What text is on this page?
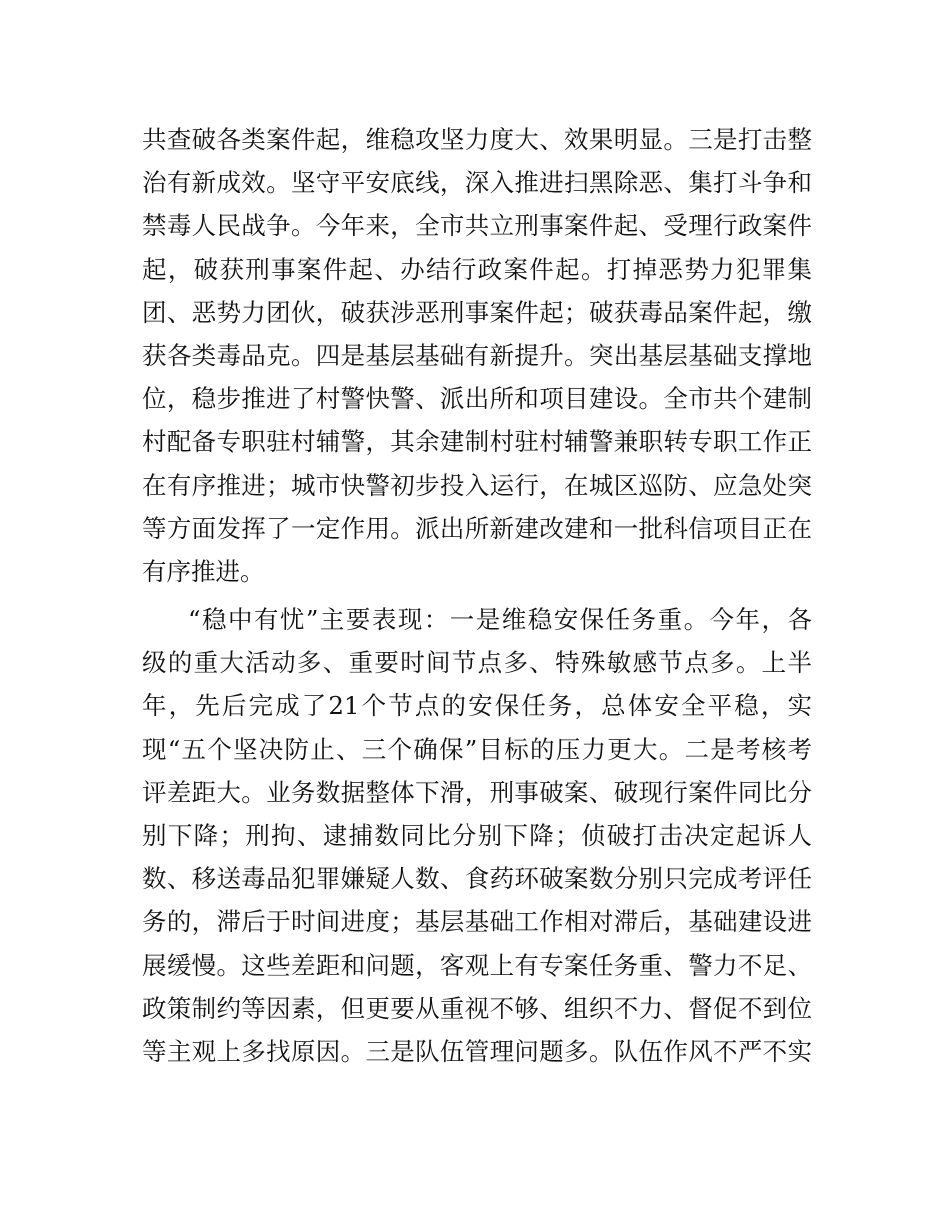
共查破各类案件起，维稳攻坚力度大、效果明显。三是打击整
治有新成效。坚守平安底线，深入推进扫黑除恶、集打斗争和
禁毒人民战争。今年来，全市共立刑事案件起、受理行政案件
起，破获刑事案件起、办结行政案件起。打掉恶势力犯罪集
团、恶势力团伙，破获涉恶刑事案件起；破获毒品案件起，缴
获各类毒品克。四是基层基础有新提升。突出基层基础支撑地
位，稳步推进了村警快警、派出所和项目建设。全市共个建制
村配备专职驻村辅警，其余建制村驻村辅警兼职转专职工作正
在有序推进；城市快警初步投入运行，在城区巡防、应急处突
等方面发挥了一定作用。派出所新建改建和一批科信项目正在
有序推进。
“稳中有忧”主要表现：一是维稳安保任务重。今年，各
级的重大活动多、重要时间节点多、特殊敏感节点多。上半
年，先后完成了21个节点的安保任务，总体安全平稳，实
现“五个坚决防止、三个确保”目标的压力更大。二是考核考
评差距大。业务数据整体下滑，刑事破案、破现行案件同比分
别下降；刑拘、逮捕数同比分别下降；侦破打击决定起诉人
数、移送毒品犯罪嫌疑人数、食药环破案数分别只完成考评任
务的，滞后于时间进度；基层基础工作相对滞后，基础建设进
展缓慢。这些差距和问题，客观上有专案任务重、警力不足、
政策制约等因素，但更要从重视不够、组织不力、督促不到位
等主观上多找原因。三是队伍管理问题多。队伍作风不严不实
